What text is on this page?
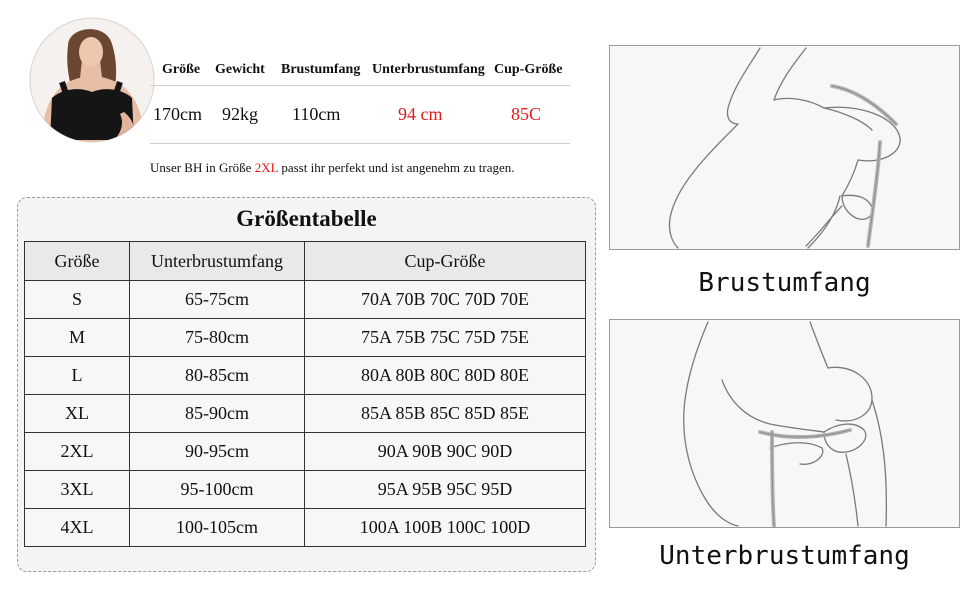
Größe Gewicht Brustumfang Unterbrustumfang Cup-Größe
170cm 92kg 110cm	94 cm	85C
Unser BH in Größe 2XL passt ihr perfekt und ist angenehm zu tragen.
Größentabelle
Größe	Unterbrustumfang	Cup-Größe
S	65-75cm	70A 70B 70C 70D 70E
M	75-80cm	75A 75B 75C 75D 75E
L	80-85cm	80A 80B 80C 80D 80E
XL	85-90cm	85A 85B 85C 85D 85E
2XL	90-95cm	90A 90B 90C 90D
3XL	95-100cm	95A 95B 95C 95D
4XL	100-105cm	100A 100B 100C 100D
Brustumfang
Unterbrustumfang
